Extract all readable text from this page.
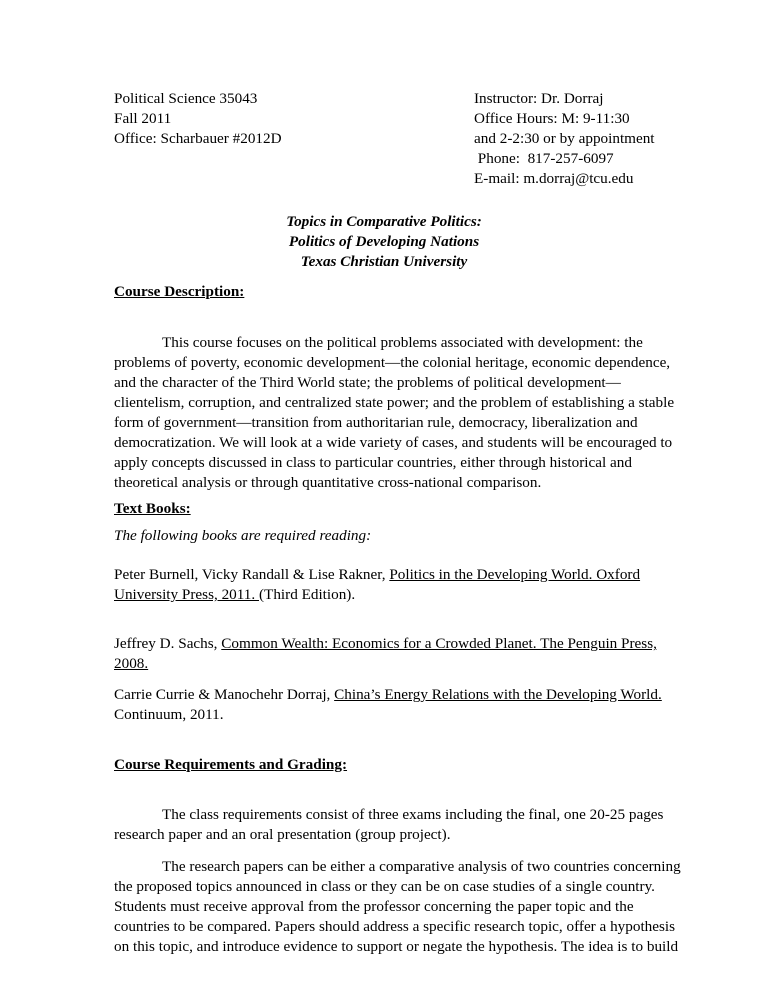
Political Science 35043
Fall 2011
Office: Scharbauer #2012D
Instructor: Dr. Dorraj
Office Hours: M: 9-11:30
and 2-2:30 or by appointment
Phone:  817-257-6097
E-mail: m.dorraj@tcu.edu
Topics in Comparative Politics:
Politics of Developing Nations
Texas Christian University
Course Description:
This course focuses on the political problems associated with development: the
problems of poverty, economic development—the colonial heritage, economic dependence,
and the character of the Third World state; the problems of political development—
clientelism, corruption, and centralized state power; and the problem of establishing a stable
form of government—transition from authoritarian rule, democracy, liberalization and
democratization. We will look at a wide variety of cases, and students will be encouraged to
apply concepts discussed in class to particular countries, either through historical and
theoretical analysis or through quantitative cross-national comparison.
Text Books:
The following books are required reading:
Peter Burnell, Vicky Randall & Lise Rakner, Politics in the Developing World. Oxford
University Press, 2011. (Third Edition).
Jeffrey D. Sachs, Common Wealth: Economics for a Crowded Planet. The Penguin Press,
2008.
Carrie Currie & Manochehr Dorraj, China’s Energy Relations with the Developing World.
Continuum, 2011.
Course Requirements and Grading:
The class requirements consist of three exams including the final, one 20-25 pages
research paper and an oral presentation (group project).
The research papers can be either a comparative analysis of two countries concerning
the proposed topics announced in class or they can be on case studies of a single country.
Students must receive approval from the professor concerning the paper topic and the
countries to be compared. Papers should address a specific research topic, offer a hypothesis
on this topic, and introduce evidence to support or negate the hypothesis. The idea is to build
